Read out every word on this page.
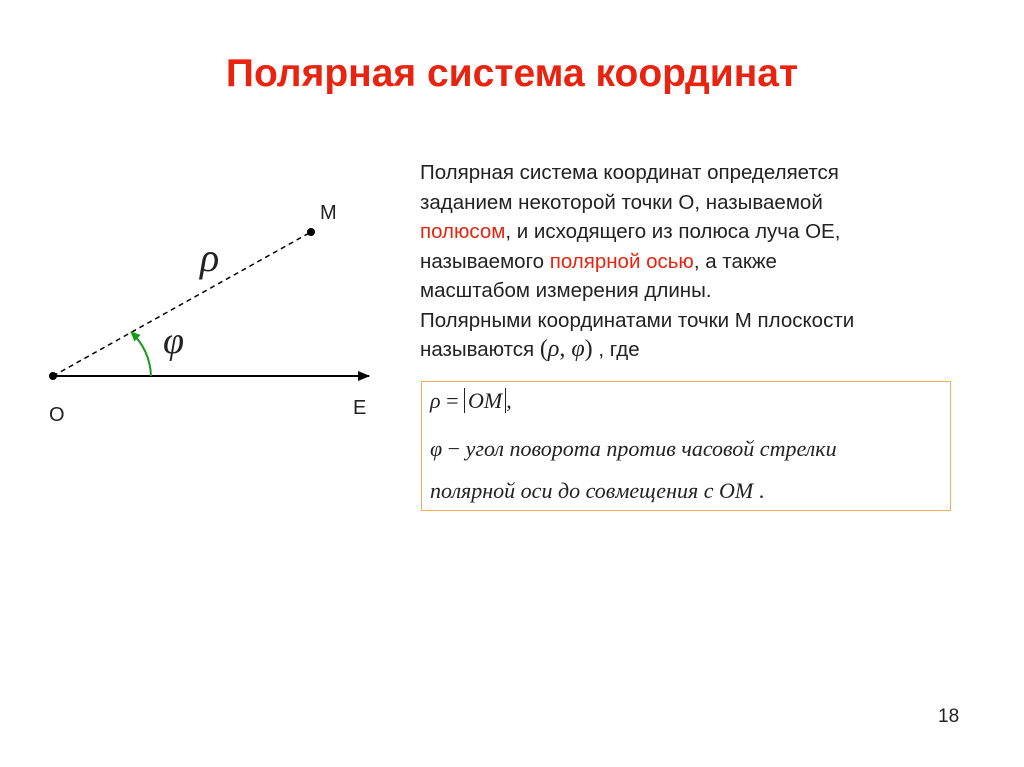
Полярная система координат
O	E
M
ρ
φ
Полярная система координат определяется
заданием некоторой точки О, называемой
полюсом, и исходящего из полюса луча OE,
называемого полярной осью, а также
масштабом измерения длины.
Полярными координатами точки М плоскости
называются (ρ, φ) , где
ρ = OM ,
φ − угол поворота против часовой стрелки
полярной оси до совмещения с OM .
18
